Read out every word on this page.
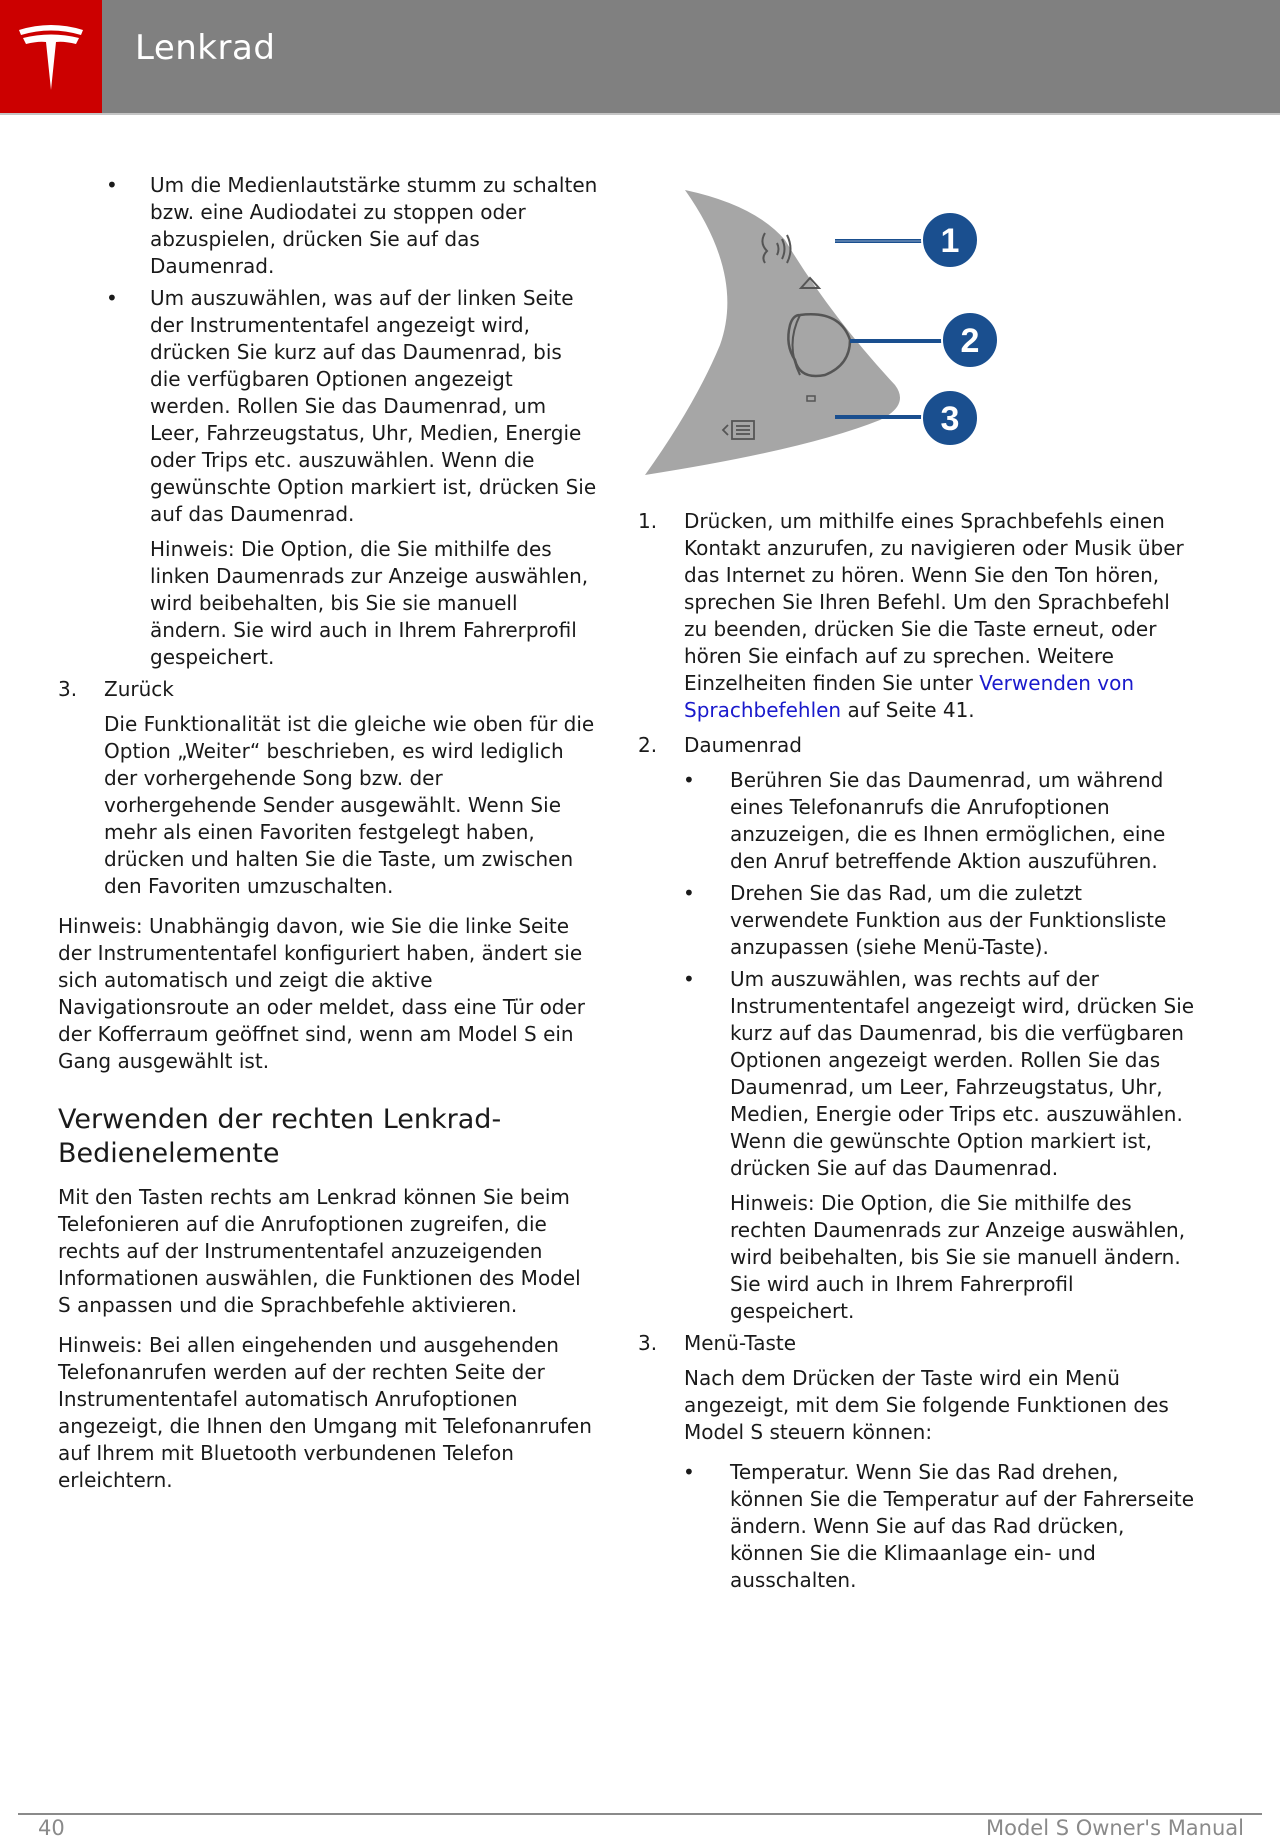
Lenkrad
• Um die Medienlautstärke stumm zu schalten bzw. eine Audiodatei zu stoppen oder abzuspielen, drücken Sie auf das Daumenrad.
• Um auszuwählen, was auf der linken Seite der Instrumententafel angezeigt wird, drücken Sie kurz auf das Daumenrad, bis die verfügbaren Optionen angezeigt werden. Rollen Sie das Daumenrad, um Leer, Fahrzeugstatus, Uhr, Medien, Energie oder Trips etc. auszuwählen. Wenn die gewünschte Option markiert ist, drücken Sie auf das Daumenrad.
Hinweis: Die Option, die Sie mithilfe des linken Daumenrads zur Anzeige auswählen, wird beibehalten, bis Sie sie manuell ändern. Sie wird auch in Ihrem Fahrerprofil gespeichert.
3. Zurück
Die Funktionalität ist die gleiche wie oben für die Option „Weiter“ beschrieben, es wird lediglich der vorhergehende Song bzw. der vorhergehende Sender ausgewählt. Wenn Sie mehr als einen Favoriten festgelegt haben, drücken und halten Sie die Taste, um zwischen den Favoriten umzuschalten.
Hinweis: Unabhängig davon, wie Sie die linke Seite der Instrumententafel konfiguriert haben, ändert sie sich automatisch und zeigt die aktive Navigationsroute an oder meldet, dass eine Tür oder der Kofferraum geöffnet sind, wenn am Model S ein Gang ausgewählt ist.
Verwenden der rechten Lenkrad-Bedienelemente
Mit den Tasten rechts am Lenkrad können Sie beim Telefonieren auf die Anrufoptionen zugreifen, die rechts auf der Instrumententafel anzuzeigenden Informationen auswählen, die Funktionen des Model S anpassen und die Sprachbefehle aktivieren.
Hinweis: Bei allen eingehenden und ausgehenden Telefonanrufen werden auf der rechten Seite der Instrumententafel automatisch Anrufoptionen angezeigt, die Ihnen den Umgang mit Telefonanrufen auf Ihrem mit Bluetooth verbundenen Telefon erleichtern.
1
2
3
1. Drücken, um mithilfe eines Sprachbefehls einen Kontakt anzurufen, zu navigieren oder Musik über das Internet zu hören. Wenn Sie den Ton hören, sprechen Sie Ihren Befehl. Um den Sprachbefehl zu beenden, drücken Sie die Taste erneut, oder hören Sie einfach auf zu sprechen. Weitere Einzelheiten finden Sie unter Verwenden von Sprachbefehlen auf Seite 41.
2. Daumenrad
• Berühren Sie das Daumenrad, um während eines Telefonanrufs die Anrufoptionen anzuzeigen, die es Ihnen ermöglichen, eine den Anruf betreffende Aktion auszuführen.
• Drehen Sie das Rad, um die zuletzt verwendete Funktion aus der Funktionsliste anzupassen (siehe Menü-Taste).
• Um auszuwählen, was rechts auf der Instrumententafel angezeigt wird, drücken Sie kurz auf das Daumenrad, bis die verfügbaren Optionen angezeigt werden. Rollen Sie das Daumenrad, um Leer, Fahrzeugstatus, Uhr, Medien, Energie oder Trips etc. auszuwählen. Wenn die gewünschte Option markiert ist, drücken Sie auf das Daumenrad.
Hinweis: Die Option, die Sie mithilfe des rechten Daumenrads zur Anzeige auswählen, wird beibehalten, bis Sie sie manuell ändern. Sie wird auch in Ihrem Fahrerprofil gespeichert.
3. Menü-Taste
Nach dem Drücken der Taste wird ein Menü angezeigt, mit dem Sie folgende Funktionen des Model S steuern können:
• Temperatur. Wenn Sie das Rad drehen, können Sie die Temperatur auf der Fahrerseite ändern. Wenn Sie auf das Rad drücken, können Sie die Klimaanlage ein- und ausschalten.
40	Model S Owner's Manual
